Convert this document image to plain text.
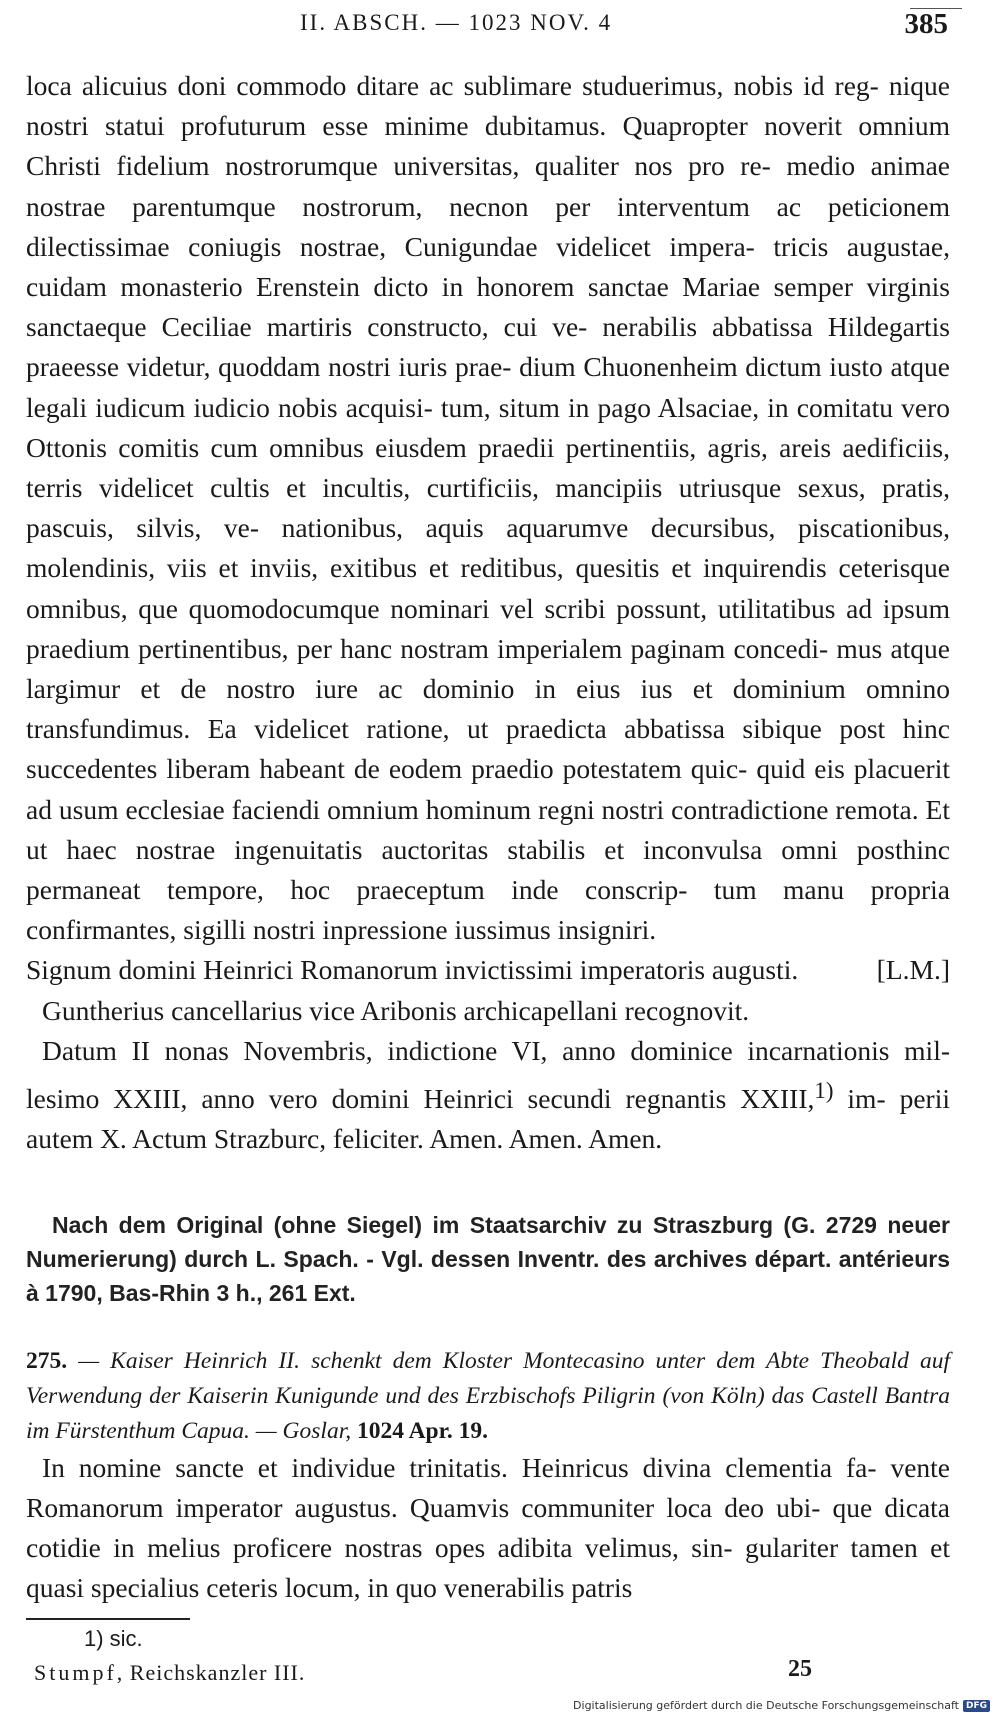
II. ABSCH. — 1023 NOV. 4	385

loca alicuius doni commodo ditare ac sublimare studuerimus, nobis id reg- nique nostri statui profuturum esse minime dubitamus. Quapropter noverit omnium Christi fidelium nostrorumque universitas, qualiter nos pro re- medio animae nostrae parentumque nostrorum, necnon per interventum ac peticionem dilectissimae coniugis nostrae, Cunigundae videlicet impera- tricis augustae, cuidam monasterio Erenstein dicto in honorem sanctae Mariae semper virginis sanctaeque Ceciliae martiris constructo, cui ve- nerabilis abbatissa Hildegartis praeesse videtur, quoddam nostri iuris prae- dium Chuonenheim dictum iusto atque legali iudicum iudicio nobis acquisi- tum, situm in pago Alsaciae, in comitatu vero Ottonis comitis cum omnibus eiusdem praedii pertinentiis, agris, areis aedificiis, terris videlicet cultis et incultis, curtificiis, mancipiis utriusque sexus, pratis, pascuis, silvis, ve- nationibus, aquis aquarumve decursibus, piscationibus, molendinis, viis et inviis, exitibus et reditibus, quesitis et inquirendis ceterisque omnibus, que quomodocumque nominari vel scribi possunt, utilitatibus ad ipsum praedium pertinentibus, per hanc nostram imperialem paginam concedi- mus atque largimur et de nostro iure ac dominio in eius ius et dominium omnino transfundimus. Ea videlicet ratione, ut praedicta abbatissa sibique post hinc succedentes liberam habeant de eodem praedio potestatem quic- quid eis placuerit ad usum ecclesiae faciendi omnium hominum regni nostri contradictione remota. Et ut haec nostrae ingenuitatis auctoritas stabilis et inconvulsa omni posthinc permaneat tempore, hoc praeceptum inde conscrip- tum manu propria confirmantes, sigilli nostri inpressione iussimus insigniri.

Signum domini Heinrici Romanorum invictissimi imperatoris augusti.	[L.M.]

Guntherius cancellarius vice Aribonis archicapellani recognovit.

Datum II nonas Novembris, indictione VI, anno dominice incarnationis mil- lesimo XXIII, anno vero domini Heinrici secundi regnantis XXIII,$^{1)}$ im- perii autem X. Actum Strazburc, feliciter. Amen. Amen. Amen.

Nach dem Original (ohne Siegel) im Staatsarchiv zu Straszburg (G. 2729 neuer Numerierung) durch L. Spach. - Vgl. dessen Inventr. des archives départ. antérieurs à 1790, Bas-Rhin 3 h., 261 Ext.

275. — Kaiser Heinrich II. schenkt dem Kloster Montecasino unter dem Abte Theobald auf Verwendung der Kaiserin Kunigunde und des Erzbischofs Piligrin (von Köln) das Castell Bantra im Fürstenthum Capua. — Goslar, 1024 Apr. 19.

In nomine sancte et individue trinitatis. Heinricus divina clementia fa- vente Romanorum imperator augustus. Quamvis communiter loca deo ubi- que dicata cotidie in melius proficere nostras opes adibita velimus, sin- gulariter tamen et quasi specialius ceteris locum, in quo venerabilis patris

1) sic.
Stumpf, Reichskanzler III.	25
Digitalisierung gefördert durch die Deutsche Forschungsgemeinschaft DFG
